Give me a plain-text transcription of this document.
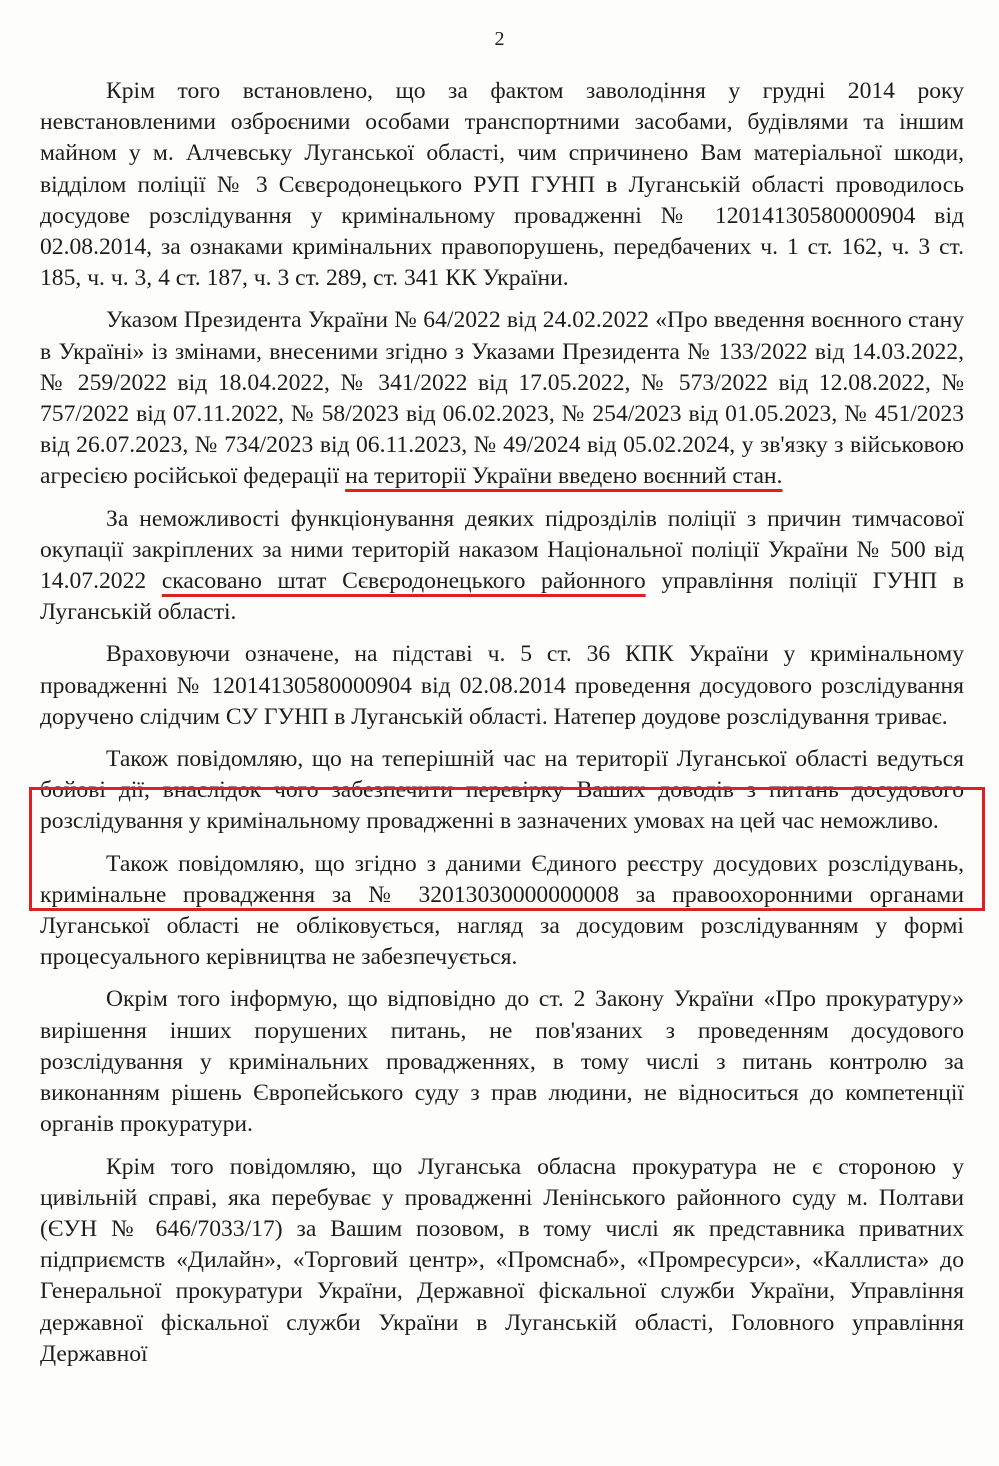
2

Крім того встановлено, що за фактом заволодіння у грудні 2014 року невстановленими озброєними особами транспортними засобами, будівлями та іншим майном у м. Алчевську Луганської області, чим спричинено Вам матеріальної шкоди, відділом поліції № 3 Сєвєродонецького РУП ГУНП в Луганській області проводилось досудове розслідування у кримінальному провадженні № 12014130580000904 від 02.08.2014, за ознаками кримінальних правопорушень, передбачених ч. 1 ст. 162, ч. 3 ст. 185, ч. ч. 3, 4 ст. 187, ч. 3 ст. 289, ст. 341 КК України.

Указом Президента України № 64/2022 від 24.02.2022 «Про введення воєнного стану в Україні» із змінами, внесеними згідно з Указами Президента № 133/2022 від 14.03.2022, № 259/2022 від 18.04.2022, № 341/2022 від 17.05.2022, № 573/2022 від 12.08.2022, № 757/2022 від 07.11.2022, № 58/2023 від 06.02.2023, № 254/2023 від 01.05.2023, № 451/2023 від 26.07.2023, № 734/2023 від 06.11.2023, № 49/2024 від 05.02.2024, у зв'язку з військовою агресією російської федерації на території України введено воєнний стан.

За неможливості функціонування деяких підрозділів поліції з причин тимчасової окупації закріплених за ними територій наказом Національної поліції України № 500 від 14.07.2022 скасовано штат Сєвєродонецького районного управління поліції ГУНП в Луганській області.

Враховуючи означене, на підставі ч. 5 ст. 36 КПК України у кримінальному провадженні № 12014130580000904 від 02.08.2014 проведення досудового розслідування доручено слідчим СУ ГУНП в Луганській області. Натепер доудове розслідування триває.

Також повідомляю, що на теперішній час на території Луганської області ведуться бойові дії, внаслідок чого забезпечити перевірку Ваших доводів з питань досудового розслідування у кримінальному провадженні в зазначених умовах на цей час неможливо.

Також повідомляю, що згідно з даними Єдиного реєстру досудових розслідувань, кримінальне провадження за № 32013030000000008 за правоохоронними органами Луганської області не обліковується, нагляд за досудовим розслідуванням у формі процесуального керівництва не забезпечується.

Окрім того інформую, що відповідно до ст. 2 Закону України «Про прокуратуру» вирішення інших порушених питань, не пов'язаних з проведенням досудового розслідування у кримінальних провадженнях, в тому числі з питань контролю за виконанням рішень Європейського суду з прав людини, не відноситься до компетенції органів прокуратури.

Крім того повідомляю, що Луганська обласна прокуратура не є стороною у цивільній справі, яка перебуває у провадженні Ленінського районного суду м. Полтави (ЄУН № 646/7033/17) за Вашим позовом, в тому числі як представника приватних підприємств «Дилайн», «Торговий центр», «Промснаб», «Промресурси», «Каллиста» до Генеральної прокуратури України, Державної фіскальної служби України, Управління державної фіскальної служби України в Луганській області, Головного управління Державної
